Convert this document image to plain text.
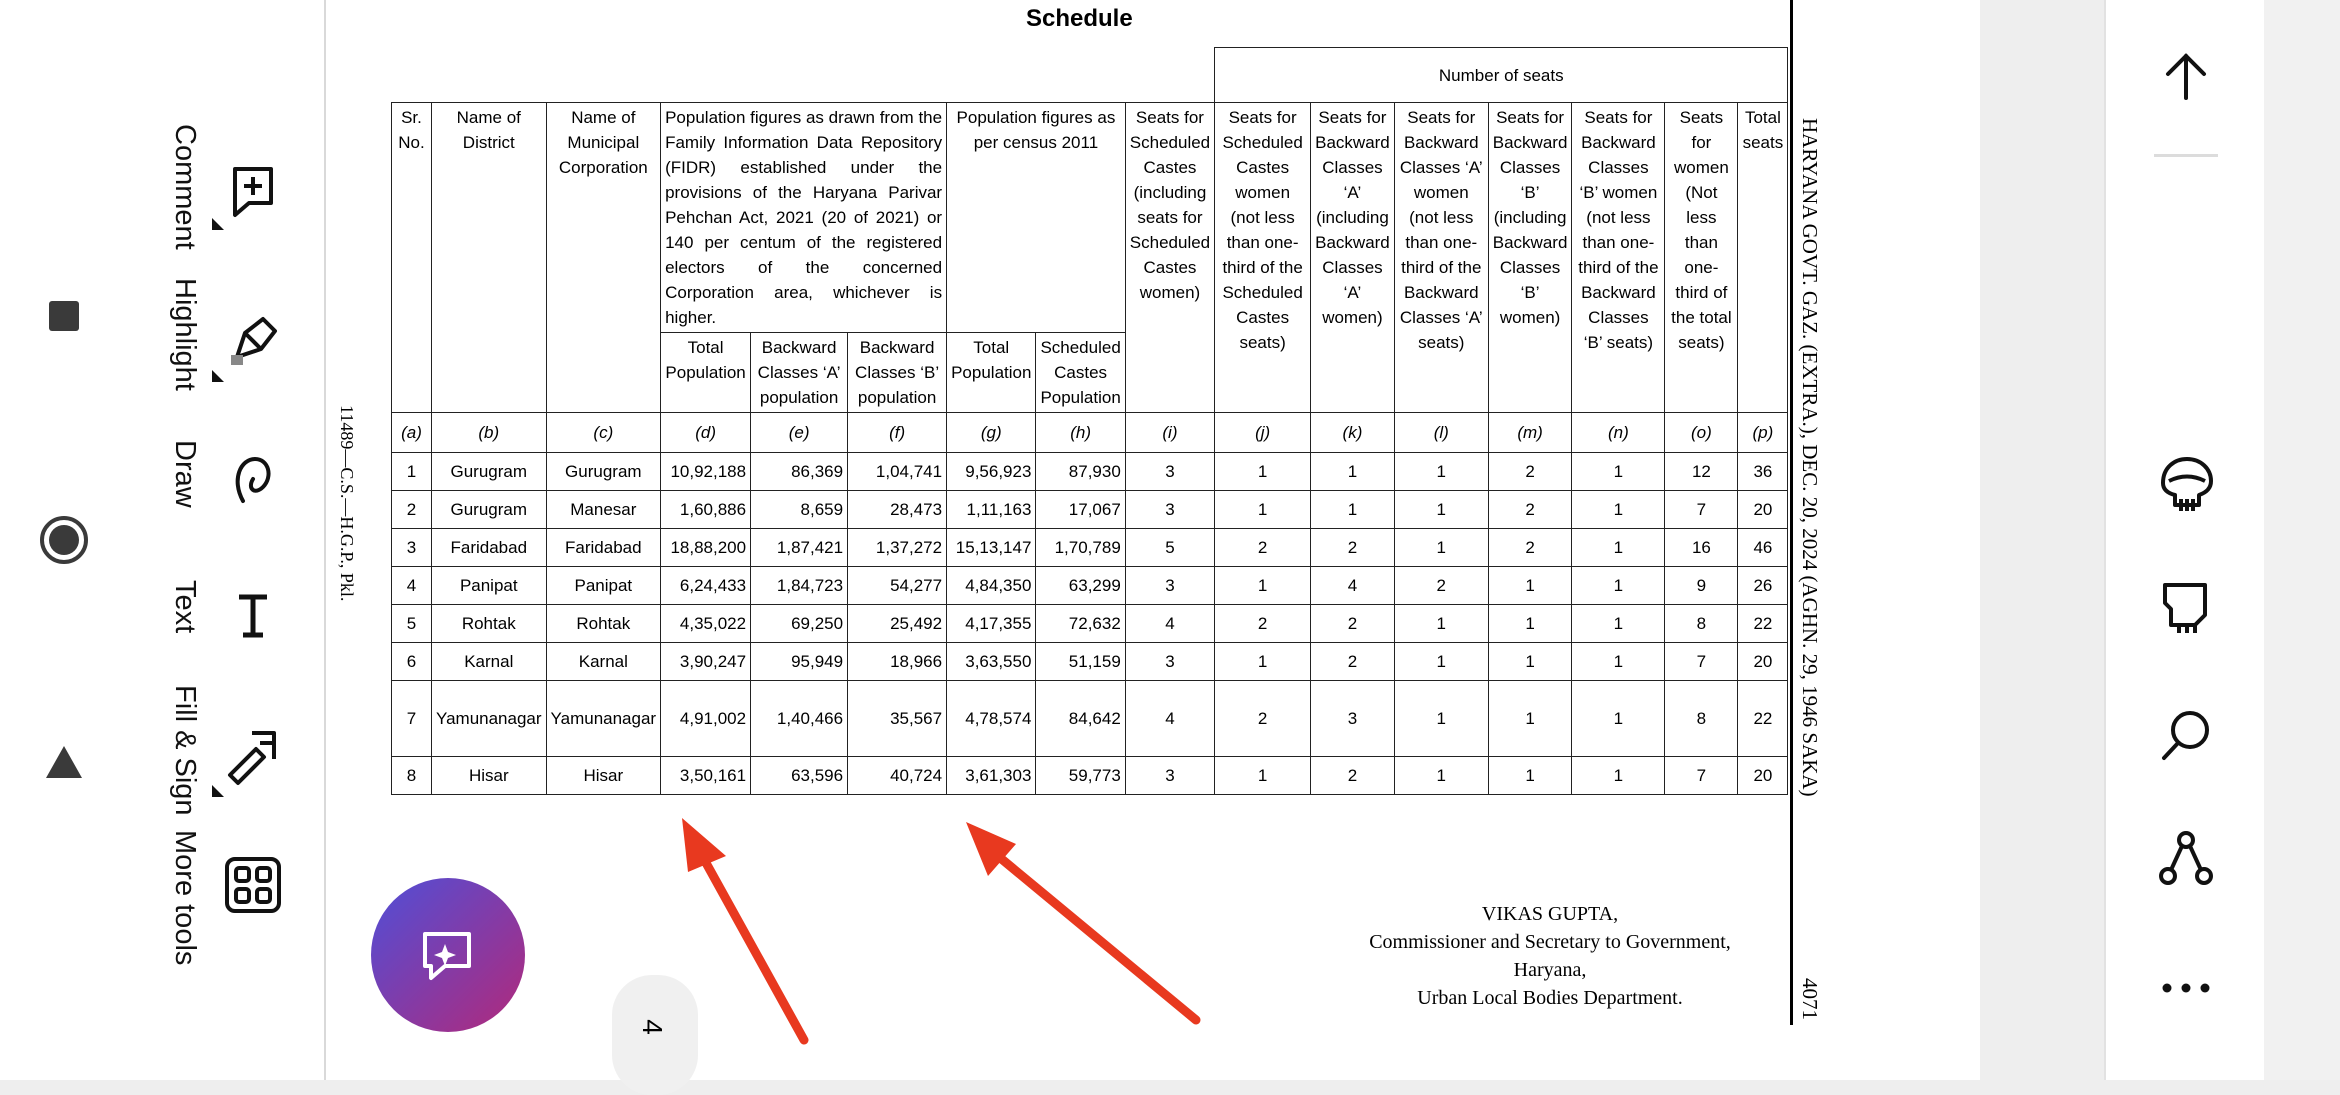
Comment
Highlight
Draw
Text
Fill & Sign
More tools
Schedule
11489—C.S.—H.G.P., Pkl.	HARYANA GOVT. GAZ. (EXTRA.), DEC. 20, 2024 (AGHN. 29, 1946 SAKA)
4071
									Number of seats						
Sr. No.	Name of District	Name of Municipal Corporation	Population figures as drawn from the Family Information Data Repository (FIDR) established under the provisions of the Haryana Parivar Pehchan Act, 2021 (20 of 2021) or 140 per centum of the registered electors of the concerned Corporation area, whichever is higher.			Population figures as per census 2011		Seats for Scheduled Castes (including seats for Scheduled Castes women)	Seats for Scheduled Castes women (not less than one-third of the Scheduled Castes seats)	Seats for Backward Classes ‘A’ (including Backward Classes ‘A’ women)	Seats for Backward Classes ‘A’ women (not less than one-third of the Backward Classes ‘A’ seats)	Seats for Backward Classes ‘B’ (including Backward Classes ‘B’ women)	Seats for Backward Classes ‘B’ women (not less than one-third of the Backward Classes ‘B’ seats)	Seats for women (Not less than one-third of the total seats)	Total seats
			Total Population	Backward Classes ‘A’ population	Backward Classes ‘B’ population	Total Population	Scheduled Castes Population								
(a)	(b)	(c)	(d)	(e)	(f)	(g)	(h)	(i)	(j)	(k)	(l)	(m)	(n)	(o)	(p)
1	Gurugram	Gurugram	10,92,188	86,369	1,04,741	9,56,923	87,930	3	1	1	1	2	1	12	36
2	Gurugram	Manesar	1,60,886	8,659	28,473	1,11,163	17,067	3	1	1	1	2	1	7	20
3	Faridabad	Faridabad	18,88,200	1,87,421	1,37,272	15,13,147	1,70,789	5	2	2	1	2	1	16	46
4	Panipat	Panipat	6,24,433	1,84,723	54,277	4,84,350	63,299	3	1	4	2	1	1	9	26
5	Rohtak	Rohtak	4,35,022	69,250	25,492	4,17,355	72,632	4	2	2	1	1	1	8	22
6	Karnal	Karnal	3,90,247	95,949	18,966	3,63,550	51,159	3	1	2	1	1	1	7	20
7	Yamunanagar	Yamunanagar	4,91,002	1,40,466	35,567	4,78,574	84,642	4	2	3	1	1	1	8	22
8	Hisar	Hisar	3,50,161	63,596	40,724	3,61,303	59,773	3	1	2	1	1	1	7	20
VIKAS GUPTA,
Commissioner and Secretary to Government, Haryana,
Urban Local Bodies Department.
4
